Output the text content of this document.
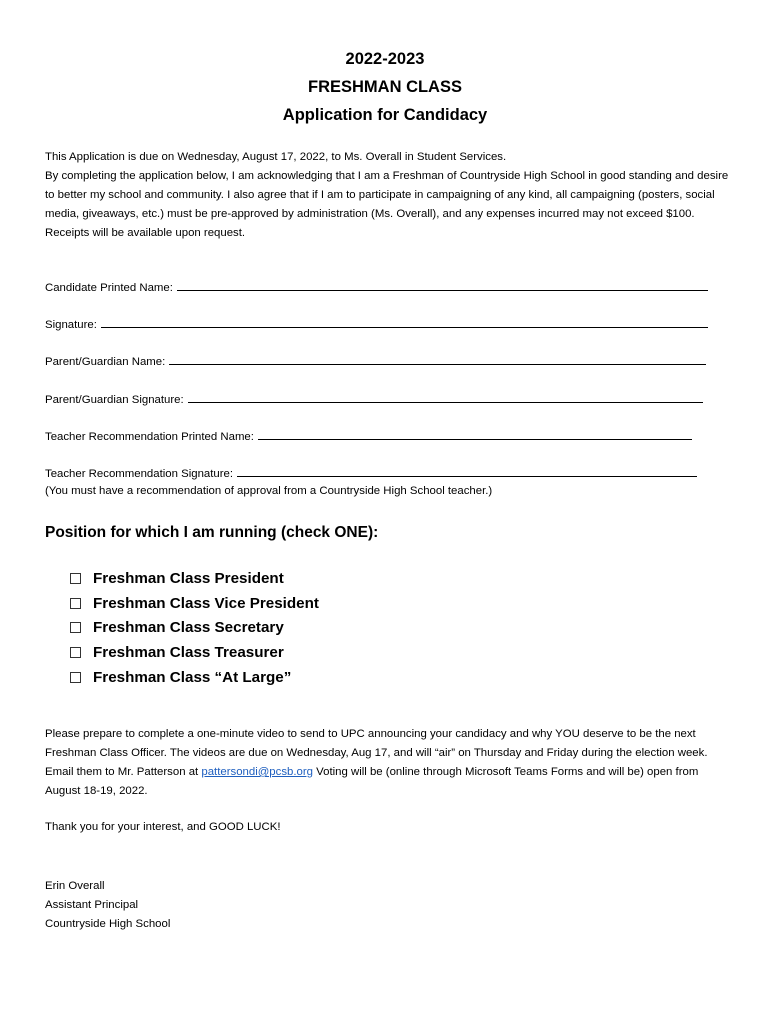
2022-2023
FRESHMAN CLASS
Application for Candidacy

This Application is due on Wednesday, August 17, 2022, to Ms. Overall in Student Services.

By completing the application below, I am acknowledging that I am a Freshman of Countryside High School in good standing and desire to better my school and community. I also agree that if I am to participate in campaigning of any kind, all campaigning (posters, social media, giveaways, etc.) must be pre-approved by administration (Ms. Overall), and any expenses incurred may not exceed $100. Receipts will be available upon request.

Candidate Printed Name:
Signature:
Parent/Guardian Name:
Parent/Guardian Signature:
Teacher Recommendation Printed Name:
Teacher Recommendation Signature:
(You must have a recommendation of approval from a Countryside High School teacher.)
Position for which I am running (check ONE):
Freshman Class President
Freshman Class Vice President
Freshman Class Secretary
Freshman Class Treasurer
Freshman Class “At Large”

Please prepare to complete a one-minute video to send to UPC announcing your candidacy and why YOU deserve to be the next Freshman Class Officer. The videos are due on Wednesday, Aug 17, and will “air” on Thursday and Friday during the election week. Email them to Mr. Patterson at pattersondi@pcsb.org Voting will be (online through Microsoft Teams Forms and will be) open from August 18-19, 2022.

Thank you for your interest, and GOOD LUCK!
Erin Overall
Assistant Principal
Countryside High School
